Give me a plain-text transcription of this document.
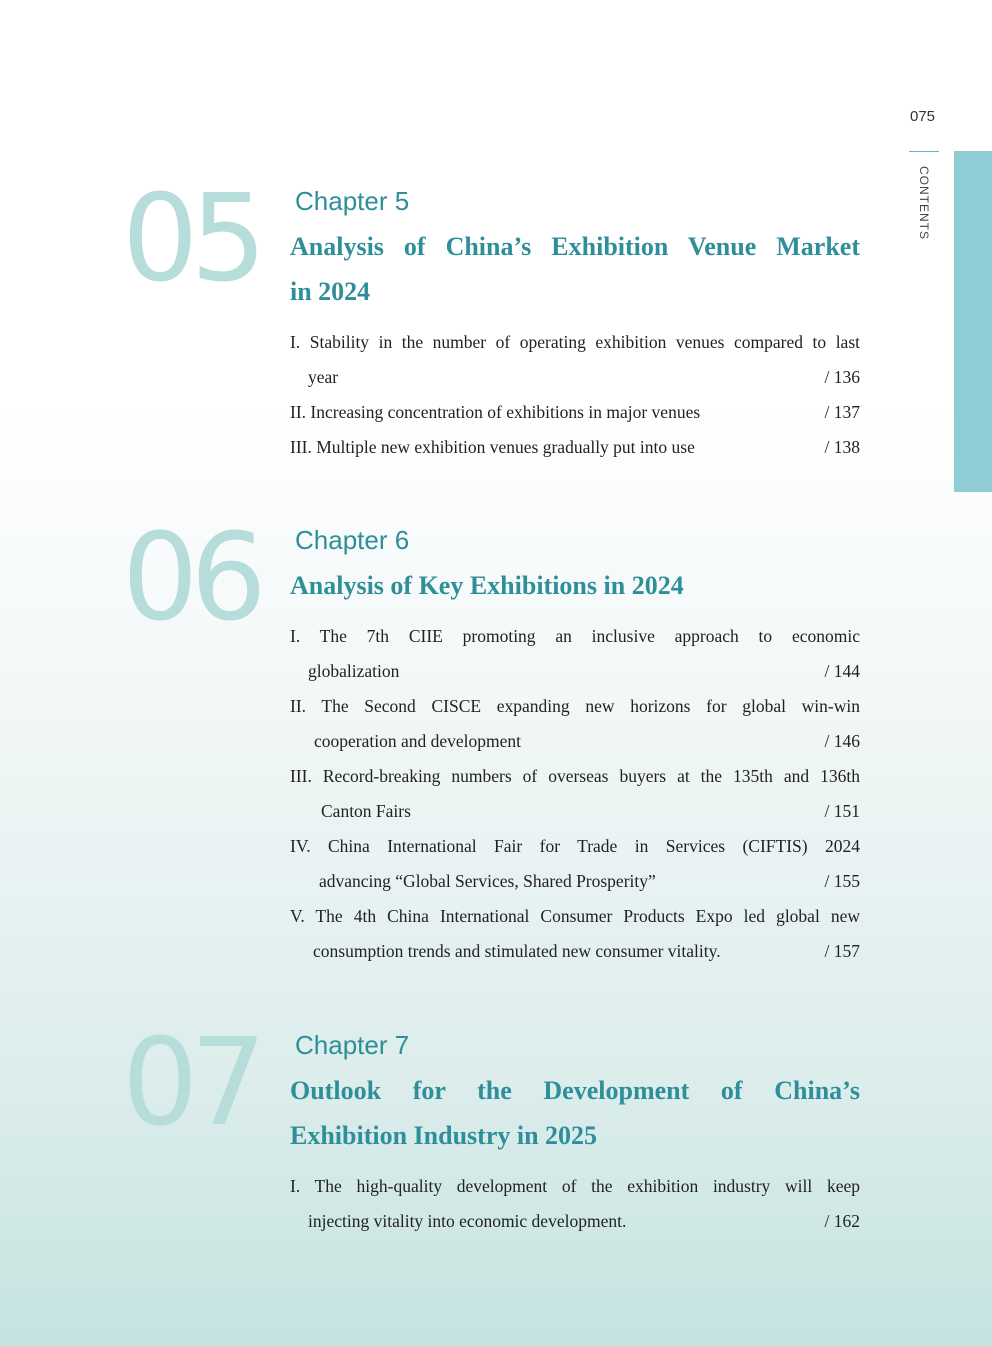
075
CONTENTS
05 Chapter 5
Analysis of China’s Exhibition Venue Market
in 2024
I. Stability in the number of operating exhibition venues compared to last
year	/ 136
II. Increasing concentration of exhibitions in major venues	/ 137
III. Multiple new exhibition venues gradually put into use	/ 138
06 Chapter 6
Analysis of Key Exhibitions in 2024
I. The 7th CIIE promoting an inclusive approach to economic
globalization	/ 144
II. The Second CISCE expanding new horizons for global win-win
cooperation and development	/ 146
III. Record-breaking numbers of overseas buyers at the 135th and 136th
Canton Fairs	/ 151
IV. China International Fair for Trade in Services (CIFTIS) 2024
advancing “Global Services, Shared Prosperity”	/ 155
V. The 4th China International Consumer Products Expo led global new
consumption trends and stimulated new consumer vitality.	/ 157
07 Chapter 7
Outlook for the Development of China’s
Exhibition Industry in 2025
I. The high-quality development of the exhibition industry will keep
injecting vitality into economic development.	/ 162
